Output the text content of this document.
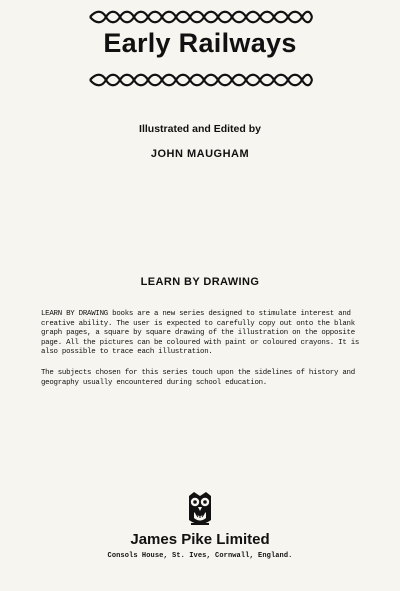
Early Railways
Illustrated and Edited by
JOHN MAUGHAM
LEARN BY DRAWING

LEARN BY DRAWING books are a new series designed to stimulate interest and creative ability. The user is expected to carefully copy out onto the blank graph pages, a square by square drawing of the illustration on the opposite page. All the pictures can be coloured with paint or coloured crayons. It is also possible to trace each illustration.

The subjects chosen for this series touch upon the sidelines of history and geography usually encountered during school education.

James Pike Limited
Consols House, St. Ives, Cornwall, England.
